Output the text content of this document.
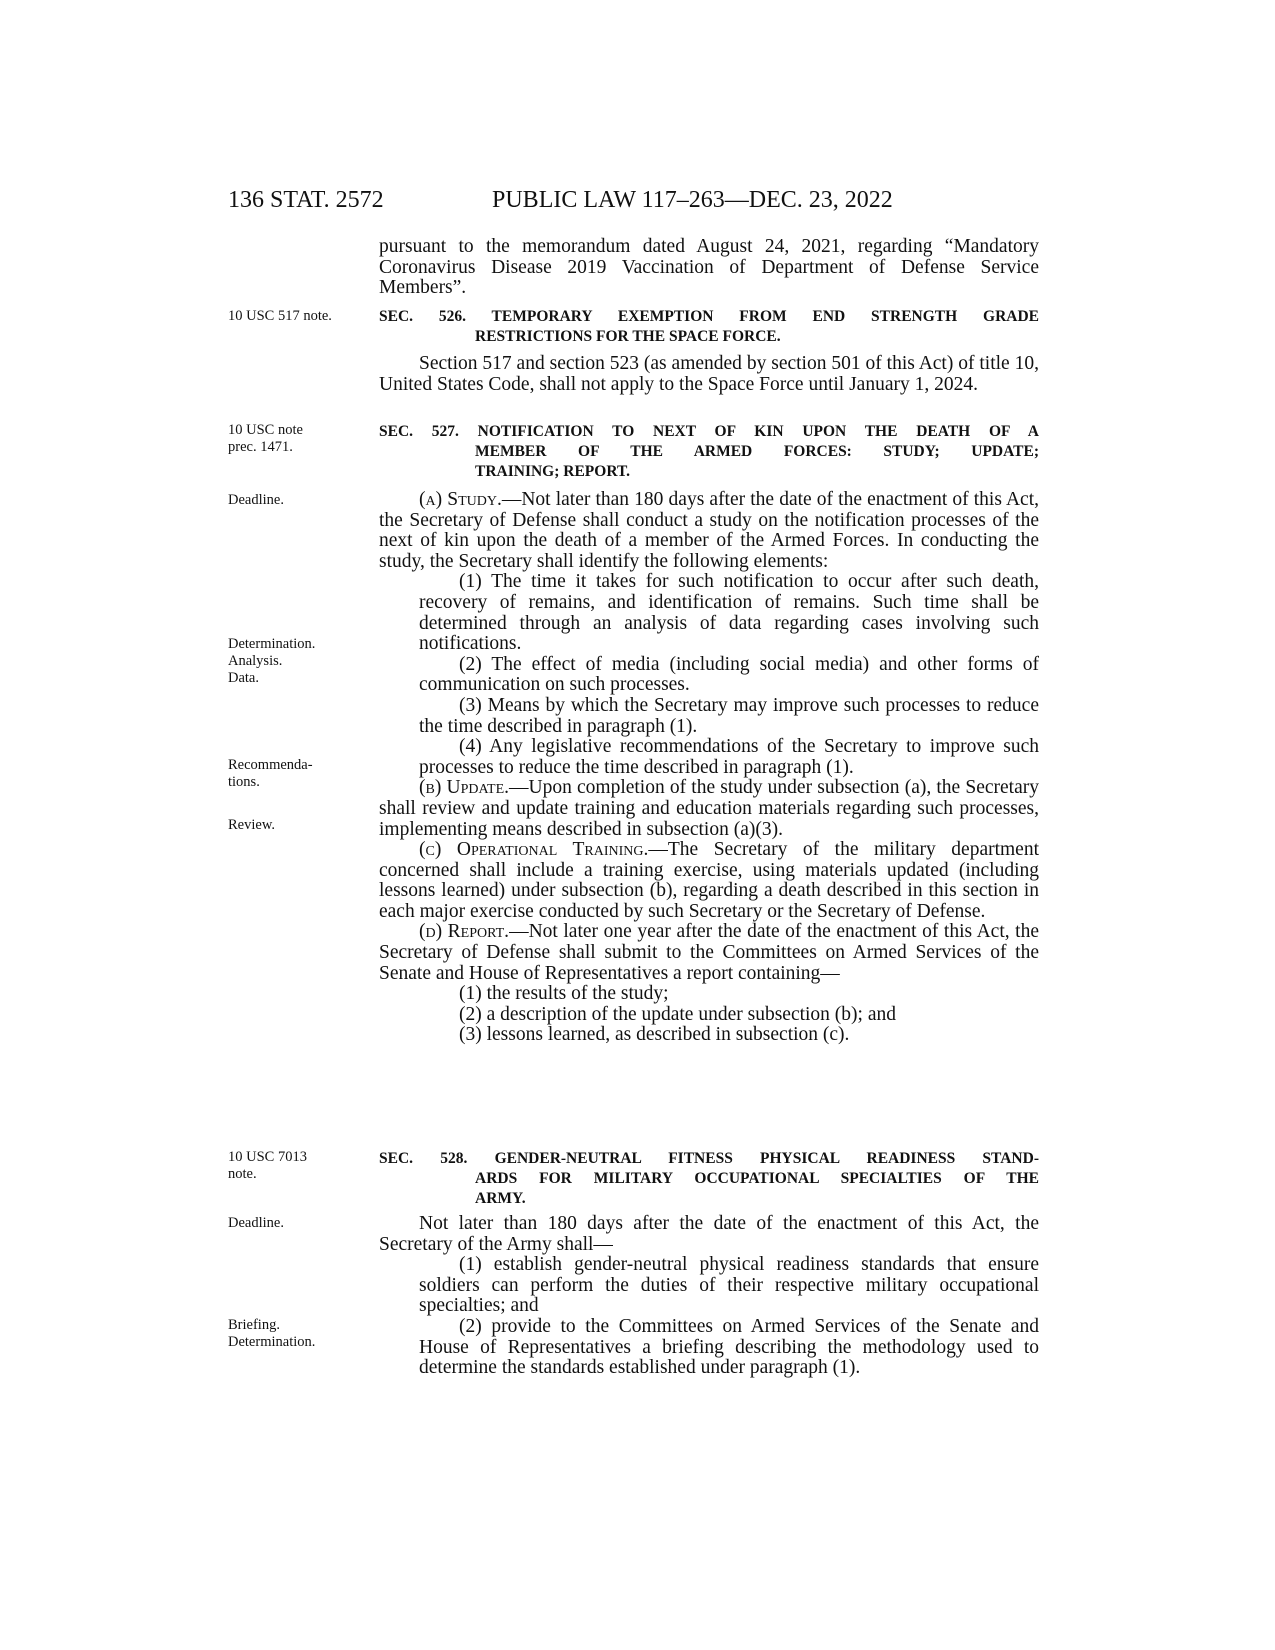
136 STAT. 2572	PUBLIC LAW 117–263—DEC. 23, 2022
10 USC 517 note.
10 USC note
prec. 1471.
Deadline.
Determination.
Analysis.
Data.
Recommenda-
tions.
Review.
10 USC 7013
note.
Deadline.
Briefing.
Determination.

pursuant to the memorandum dated August 24, 2021, regarding “Mandatory Coronavirus Disease 2019 Vaccination of Department of Defense Service Members”.

SEC. 526. TEMPORARY EXEMPTION FROM END STRENGTH GRADE
RESTRICTIONS FOR THE SPACE FORCE.

Section 517 and section 523 (as amended by section 501 of this Act) of title 10, United States Code, shall not apply to the Space Force until January 1, 2024.

SEC. 527. NOTIFICATION TO NEXT OF KIN UPON THE DEATH OF A
MEMBER OF THE ARMED FORCES: STUDY; UPDATE;
TRAINING; REPORT.

(a) Study.—Not later than 180 days after the date of the enactment of this Act, the Secretary of Defense shall conduct a study on the notification processes of the next of kin upon the death of a member of the Armed Forces. In conducting the study, the Secretary shall identify the following elements:

(1) The time it takes for such notification to occur after such death, recovery of remains, and identification of remains. Such time shall be determined through an analysis of data regarding cases involving such notifications.

(2) The effect of media (including social media) and other forms of communication on such processes.

(3) Means by which the Secretary may improve such processes to reduce the time described in paragraph (1).

(4) Any legislative recommendations of the Secretary to improve such processes to reduce the time described in paragraph (1).

(b) Update.—Upon completion of the study under subsection (a), the Secretary shall review and update training and education materials regarding such processes, implementing means described in subsection (a)(3).

(c) Operational Training.—The Secretary of the military department concerned shall include a training exercise, using materials updated (including lessons learned) under subsection (b), regarding a death described in this section in each major exercise conducted by such Secretary or the Secretary of Defense.

(d) Report.—Not later one year after the date of the enactment of this Act, the Secretary of Defense shall submit to the Committees on Armed Services of the Senate and House of Representatives a report containing—

(1) the results of the study;

(2) a description of the update under subsection (b); and

(3) lessons learned, as described in subsection (c).

SEC. 528. GENDER-NEUTRAL FITNESS PHYSICAL READINESS STAND-
ARDS FOR MILITARY OCCUPATIONAL SPECIALTIES OF THE
ARMY.

Not later than 180 days after the date of the enactment of this Act, the Secretary of the Army shall—

(1) establish gender-neutral physical readiness standards that ensure soldiers can perform the duties of their respective military occupational specialties; and

(2) provide to the Committees on Armed Services of the Senate and House of Representatives a briefing describing the methodology used to determine the standards established under paragraph (1).
